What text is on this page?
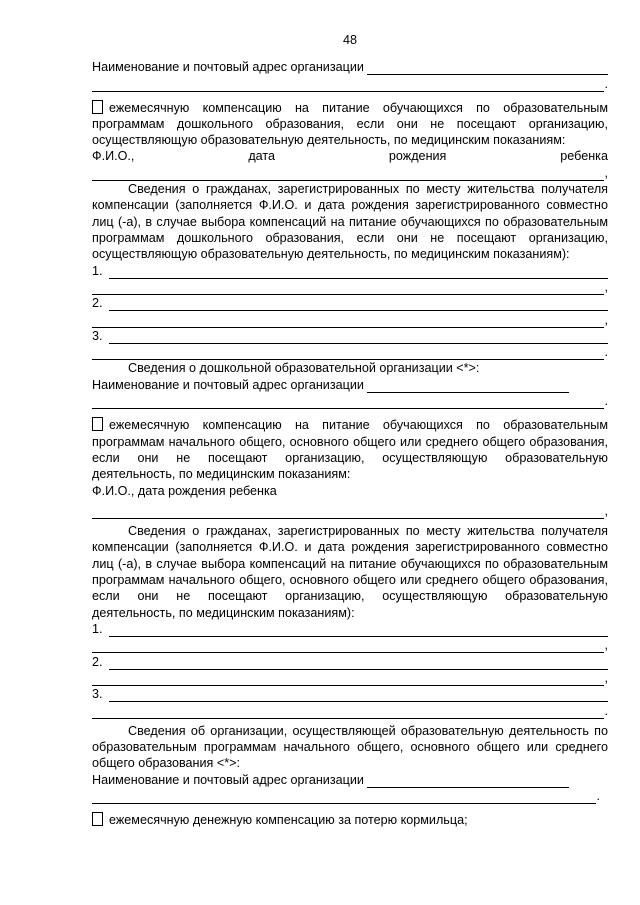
48
Наименование и почтовый адрес организации
.

ежемесячную компенсацию на питание обучающихся по образовательным программам дошкольного образования, если они не посещают организацию, осуществляющую образовательную деятельность, по медицинским показаниям:

Ф.И.О.,	дата	рождения	ребенка
,

Сведения о гражданах, зарегистрированных по месту жительства получателя компенсации (заполняется Ф.И.О. и дата рождения зарегистрированного совместно лиц (-а), в случае выбора компенсаций на питание обучающихся по образовательным программам дошкольного образования, если они не посещают организацию, осуществляющую образовательную деятельность, по медицинским показаниям):

1.
,
2.
,
3.
.

Сведения о дошкольной образовательной организации <*>:

Наименование и почтовый адрес организации
.

ежемесячную компенсацию на питание обучающихся по образовательным программам начального общего, основного общего или среднего общего образования, если они не посещают организацию, осуществляющую образовательную деятельность, по медицинским показаниям:

Ф.И.О., дата рождения ребенка
,

Сведения о гражданах, зарегистрированных по месту жительства получателя компенсации (заполняется Ф.И.О. и дата рождения зарегистрированного совместно лиц (-а), в случае выбора компенсаций на питание обучающихся по образовательным программам начального общего, основного общего или среднего общего образования, если они не посещают организацию, осуществляющую образовательную деятельность, по медицинским показаниям):

1.
,
2.
,
3.
.

Сведения об организации, осуществляющей образовательную деятельность по образовательным программам начального общего, основного общего или среднего общего образования <*>:

Наименование и почтовый адрес организации
.

ежемесячную денежную компенсацию за потерю кормильца;
